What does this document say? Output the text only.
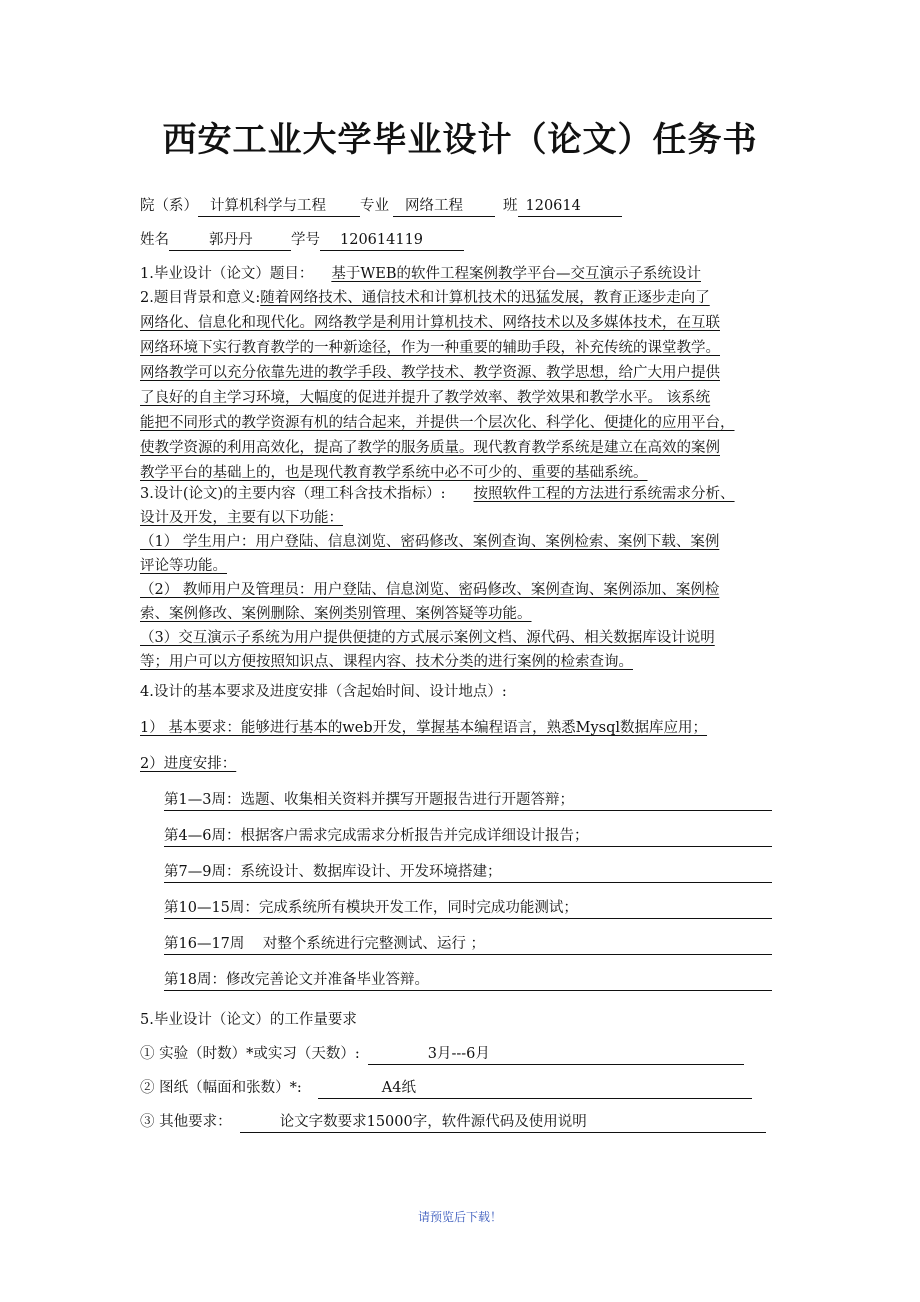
西安工业大学毕业设计（论文）任务书
院（系） 计算机科学与工程 专业 网络工程	班 120614
姓名	郭丹丹	学号 120614119
1.毕业设计（论文）题目： 基于WEB的软件工程案例教学平台—交互演示子系统设计
2.题目背景和意义:随着网络技术、通信技术和计算机技术的迅猛发展，教育正逐步走向了
网络化、信息化和现代化。网络教学是利用计算机技术、网络技术以及多媒体技术，在互联
网络环境下实行教育教学的一种新途径，作为一种重要的辅助手段，补充传统的课堂教学。
网络教学可以充分依靠先进的教学手段、教学技术、教学资源、教学思想，给广大用户提供
了良好的自主学习环境，大幅度的促进并提升了教学效率、教学效果和教学水平。 该系统
能把不同形式的教学资源有机的结合起来，并提供一个层次化、科学化、便捷化的应用平台，
使教学资源的利用高效化，提高了教学的服务质量。现代教育教学系统是建立在高效的案例
教学平台的基础上的，也是现代教育教学系统中必不可少的、重要的基础系统。
3.设计(论文)的主要内容（理工科含技术指标）: 按照软件工程的方法进行系统需求分析、
设计及开发，主要有以下功能：
（1） 学生用户：用户登陆、信息浏览、密码修改、案例查询、案例检索、案例下载、案例
评论等功能。
（2） 教师用户及管理员：用户登陆、信息浏览、密码修改、案例查询、案例添加、案例检
索、案例修改、案例删除、案例类别管理、案例答疑等功能。
（3）交互演示子系统为用户提供便捷的方式展示案例文档、源代码、相关数据库设计说明
等；用户可以方便按照知识点、课程内容、技术分类的进行案例的检索查询。
4.设计的基本要求及进度安排（含起始时间、设计地点）:
1） 基本要求：能够进行基本的web开发，掌握基本编程语言，熟悉Mysql数据库应用；
2）进度安排：
第1—3周：选题、收集相关资料并撰写开题报告进行开题答辩；
第4—6周：根据客户需求完成需求分析报告并完成详细设计报告；
第7—9周：系统设计、数据库设计、开发环境搭建；
第10—15周：完成系统所有模块开发工作，同时完成功能测试；
第16—17周    对整个系统进行完整测试、运行 ；
第18周：修改完善论文并准备毕业答辩。
5.毕业设计（论文）的工作量要求
① 实验（时数）*或实习（天数）:	3月---6月
② 图纸（幅面和张数）*:	A4纸
③ 其他要求：	论文字数要求15000字，软件源代码及使用说明
请预览后下载！
